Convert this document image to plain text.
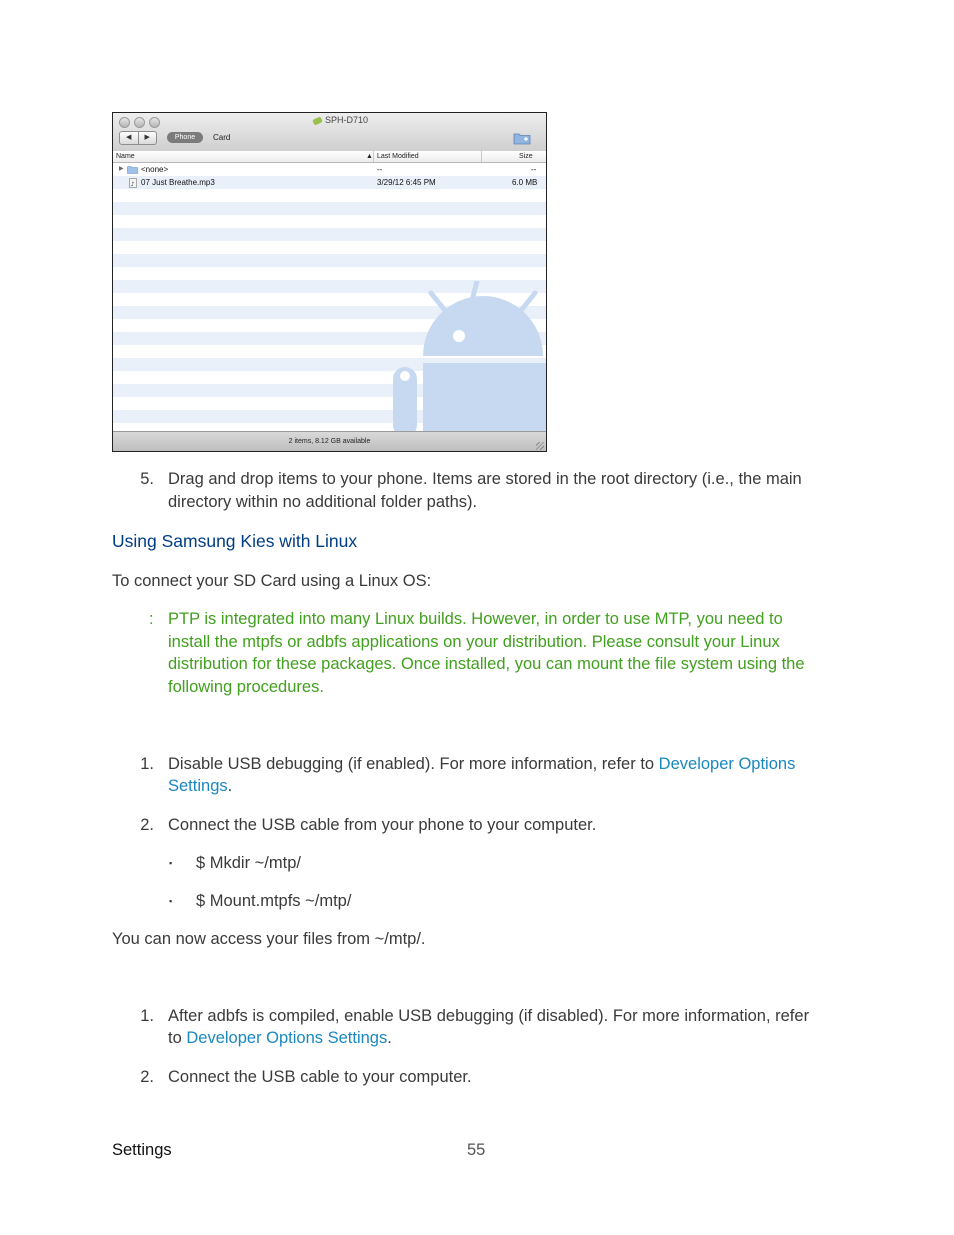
SPH-D710
◀	▶	Phone	Card
Name	▲ Last Modified	Size
▶ <none>	--	--
♪ 07 Just Breathe.mp3	3/29/12 6:45 PM	6.0 MB
2 items, 8.12 GB available
5. Drag and drop items to your phone. Items are stored in the root directory (i.e., the main
directory within no additional folder paths).
Using Samsung Kies with Linux
To connect your SD Card using a Linux OS:
: PTP is integrated into many Linux builds. However, in order to use MTP, you need to
install the mtpfs or adbfs applications on your distribution. Please consult your Linux
distribution for these packages. Once installed, you can mount the file system using the
following procedures.
1. Disable USB debugging (if enabled). For more information, refer to Developer Options
Settings.
2. Connect the USB cable from your phone to your computer.
▪ $ Mkdir ~/mtp/
▪ $ Mount.mtpfs ~/mtp/
You can now access your files from ~/mtp/.
1. After adbfs is compiled, enable USB debugging (if disabled). For more information, refer
to Developer Options Settings.
2. Connect the USB cable to your computer.
Settings	55
